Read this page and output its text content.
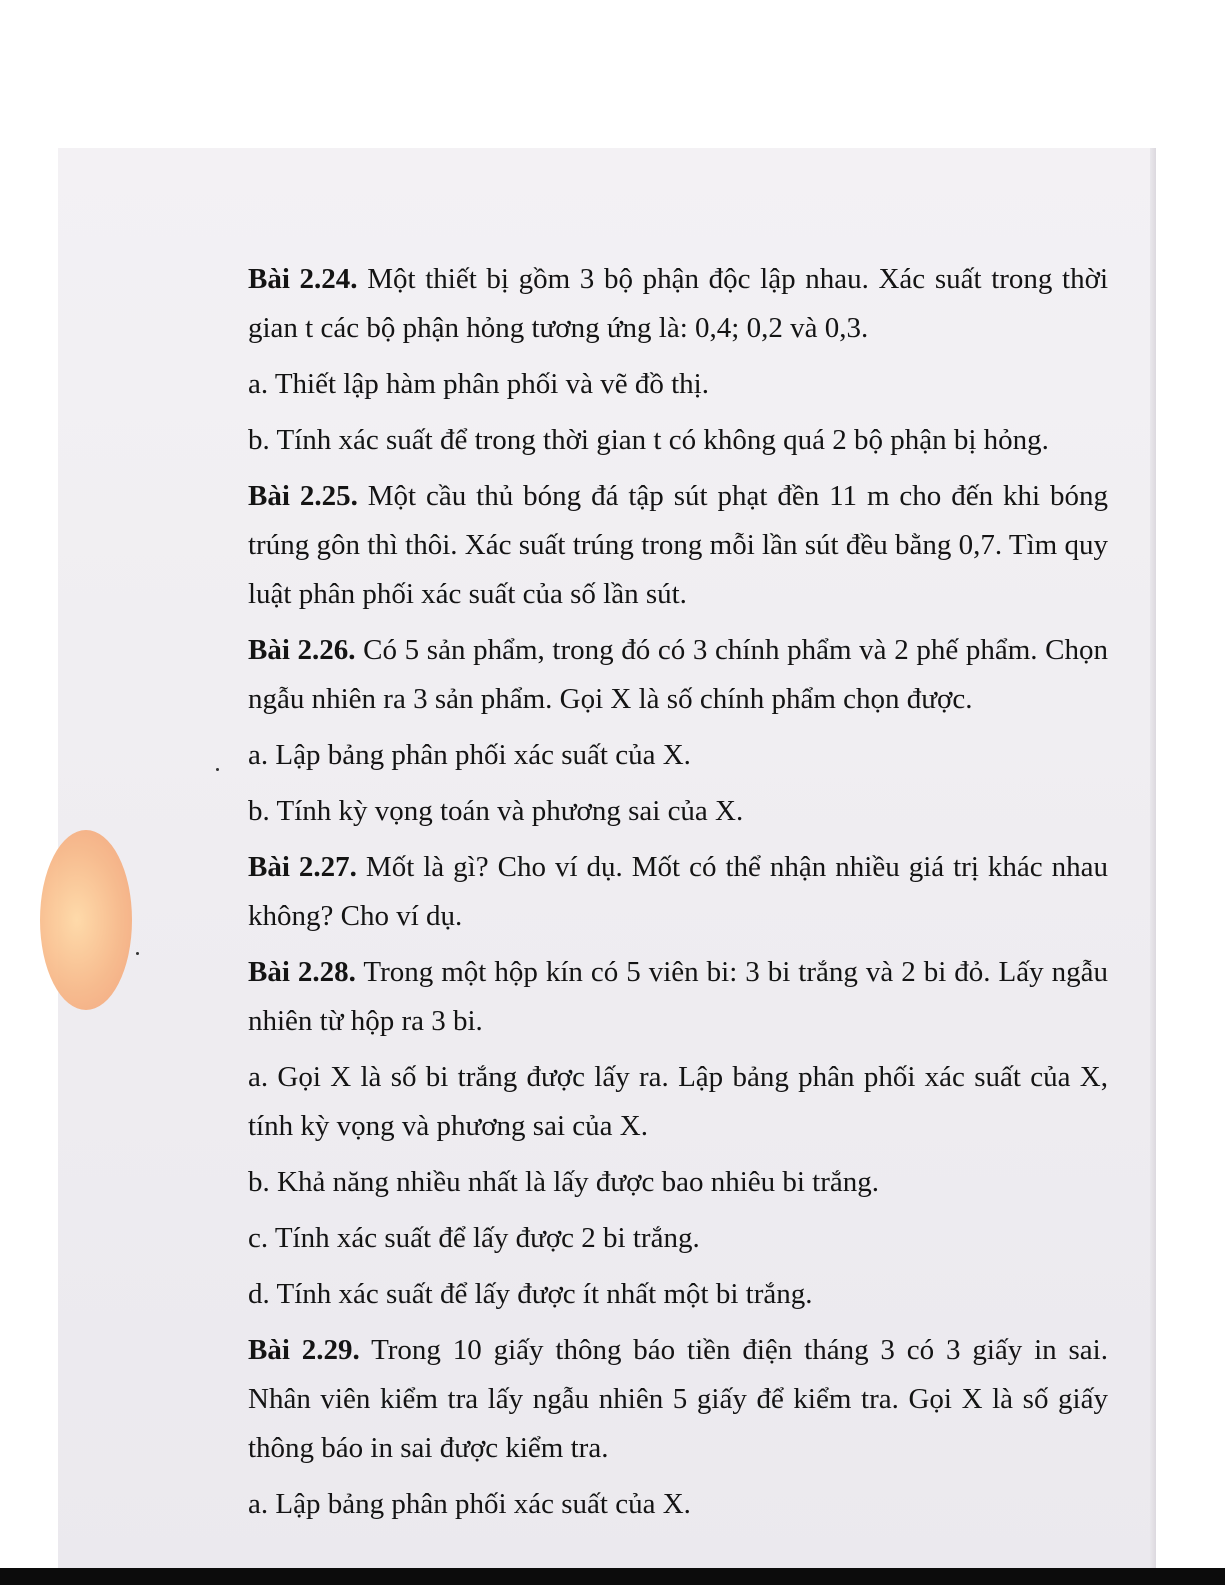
Bài 2.24. Một thiết bị gồm 3 bộ phận độc lập nhau. Xác suất trong thời gian t các bộ phận hỏng tương ứng là: 0,4; 0,2 và 0,3.

a. Thiết lập hàm phân phối và vẽ đồ thị.

b. Tính xác suất để trong thời gian t có không quá 2 bộ phận bị hỏng.

Bài 2.25. Một cầu thủ bóng đá tập sút phạt đền 11 m cho đến khi bóng trúng gôn thì thôi. Xác suất trúng trong mỗi lần sút đều bằng 0,7. Tìm quy luật phân phối xác suất của số lần sút.

Bài 2.26. Có 5 sản phẩm, trong đó có 3 chính phẩm và 2 phế phẩm. Chọn ngẫu nhiên ra 3 sản phẩm. Gọi X là số chính phẩm chọn được.

a. Lập bảng phân phối xác suất của X.

b. Tính kỳ vọng toán và phương sai của X.

Bài 2.27. Mốt là gì? Cho ví dụ. Mốt có thể nhận nhiều giá trị khác nhau không? Cho ví dụ.

Bài 2.28. Trong một hộp kín có 5 viên bi: 3 bi trắng và 2 bi đỏ. Lấy ngẫu nhiên từ hộp ra 3 bi.

a. Gọi X là số bi trắng được lấy ra. Lập bảng phân phối xác suất của X, tính kỳ vọng và phương sai của X.

b. Khả năng nhiều nhất là lấy được bao nhiêu bi trắng.

c. Tính xác suất để lấy được 2 bi trắng.

d. Tính xác suất để lấy được ít nhất một bi trắng.

Bài 2.29. Trong 10 giấy thông báo tiền điện tháng 3 có 3 giấy in sai. Nhân viên kiểm tra lấy ngẫu nhiên 5 giấy để kiểm tra. Gọi X là số giấy thông báo in sai được kiểm tra.

a. Lập bảng phân phối xác suất của X.
